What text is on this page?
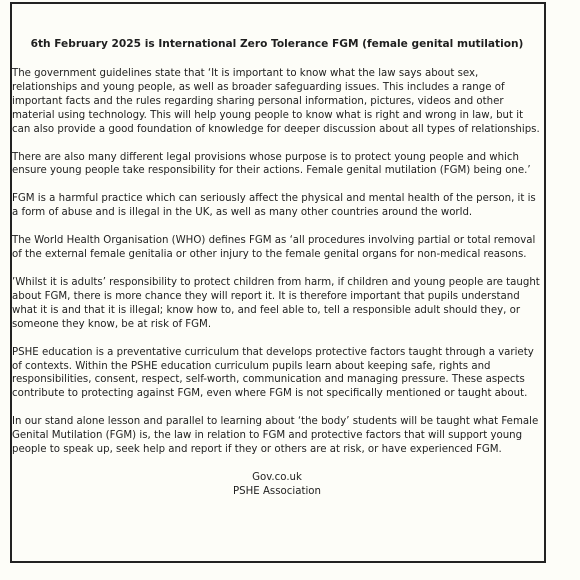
6th February 2025 is International Zero Tolerance FGM (female genital mutilation)

The government guidelines state that ‘It is important to know what the law says about sex, relationships and young people, as well as broader safeguarding issues. This includes a range of important facts and the rules regarding sharing personal information, pictures, videos and other material using technology. This will help young people to know what is right and wrong in law, but it can also provide a good foundation of knowledge for deeper discussion about all types of relationships.

There are also many different legal provisions whose purpose is to protect young people and which ensure young people take responsibility for their actions. Female genital mutilation (FGM) being one.’

FGM is a harmful practice which can seriously affect the physical and mental health of the person, it is a form of abuse and is illegal in the UK, as well as many other countries around the world.

The World Health Organisation (WHO) defines FGM as ‘all procedures involving partial or total removal of the external female genitalia or other injury to the female genital organs for non-medical reasons.

’Whilst it is adults’ responsibility to protect children from harm, if children and young people are taught about FGM, there is more chance they will report it. It is therefore important that pupils understand what it is and that it is illegal; know how to, and feel able to, tell a responsible adult should they, or someone they know, be at risk of FGM.

PSHE education is a preventative curriculum that develops protective factors taught through a variety of contexts. Within the PSHE education curriculum pupils learn about keeping safe, rights and responsibilities, consent, respect, self-worth, communication and managing pressure. These aspects contribute to protecting against FGM, even where FGM is not specifically mentioned or taught about.

In our stand alone lesson and parallel to learning about ‘the body’ students will be taught what Female Genital Mutilation (FGM) is, the law in relation to FGM and protective factors that will support young people to speak up, seek help and report if they or others are at risk, or have experienced FGM.

Gov.co.uk
PSHE Association
